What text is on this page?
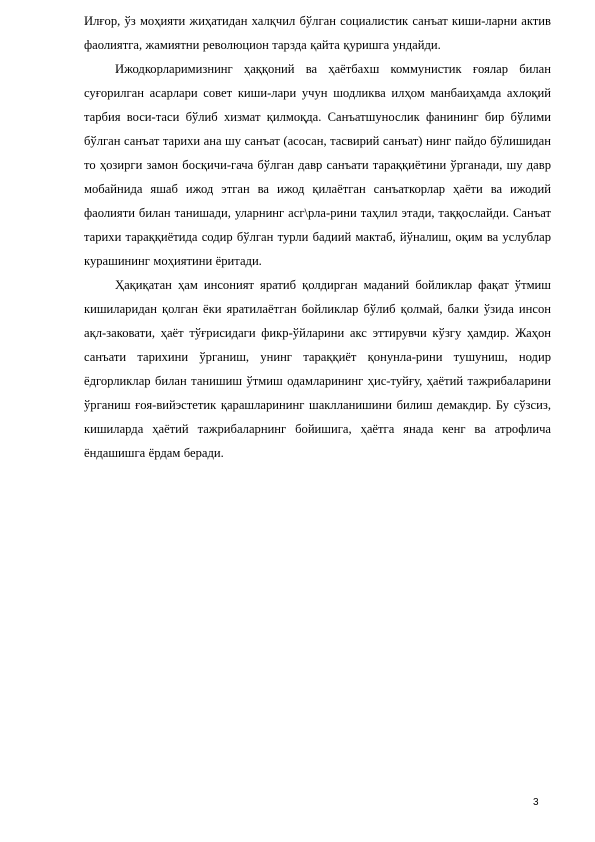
Илғор, ўз моҳияти жиҳатидан халқчил бўлган социалистик санъат киши-ларни актив фаолиятга, жамиятни революцион тарзда қайта қуришга ундайди.

Ижодкорларимизнинг ҳаққоний ва ҳаётбахш коммунистик ғоялар билан суғорилган асарлари совет киши-лари учун шодликва илҳом манбаиҳамда ахлоқий тарбия воси-таси бўлиб хизмат қилмоқда. Санъатшунослик фанининг бир бўлими бўлган санъат тарихи ана шу санъат (асосан, тасвирий санъат) нинг пайдо бўлишидан то ҳозирги замон босқичи-гача бўлган давр санъати тараққиётини ўрганади, шу давр мобайнида яшаб ижод этган ва ижод қилаётган санъаткорлар ҳаёти ва ижодий фаолияти билан танишади, уларнинг асг\рла-рини таҳлил этади, таққослайди. Санъат тарихи тараққиётида содир бўлган турли бадиий мактаб, йўналиш, оқим ва услублар курашининг моҳиятини ёритади.

Ҳақиқатан ҳам инсоният яратиб қолдирган маданий бойликлар фақат ўтмиш кишиларидан қолган ёки яратилаётган бойликлар бўлиб қолмай, балки ўзида инсон ақл-заковати, ҳаёт тўғрисидаги фикр-ўйларини акс эттирувчи кўзгу ҳамдир. Жаҳон санъати тарихини ўрганиш, унинг тараққиёт қонунла-рини тушуниш, нодир ёдгорликлар билан танишиш ўтмиш одамларининг ҳис-туйғу, ҳаётий тажрибаларини ўрганиш ғоя-вийэстетик қарашларининг шаклланишини билиш демакдир. Бу сўзсиз, кишиларда ҳаётий тажрибаларнинг бойишига, ҳаётга янада кенг ва атрофлича ёндашишга ёрдам беради.

3
